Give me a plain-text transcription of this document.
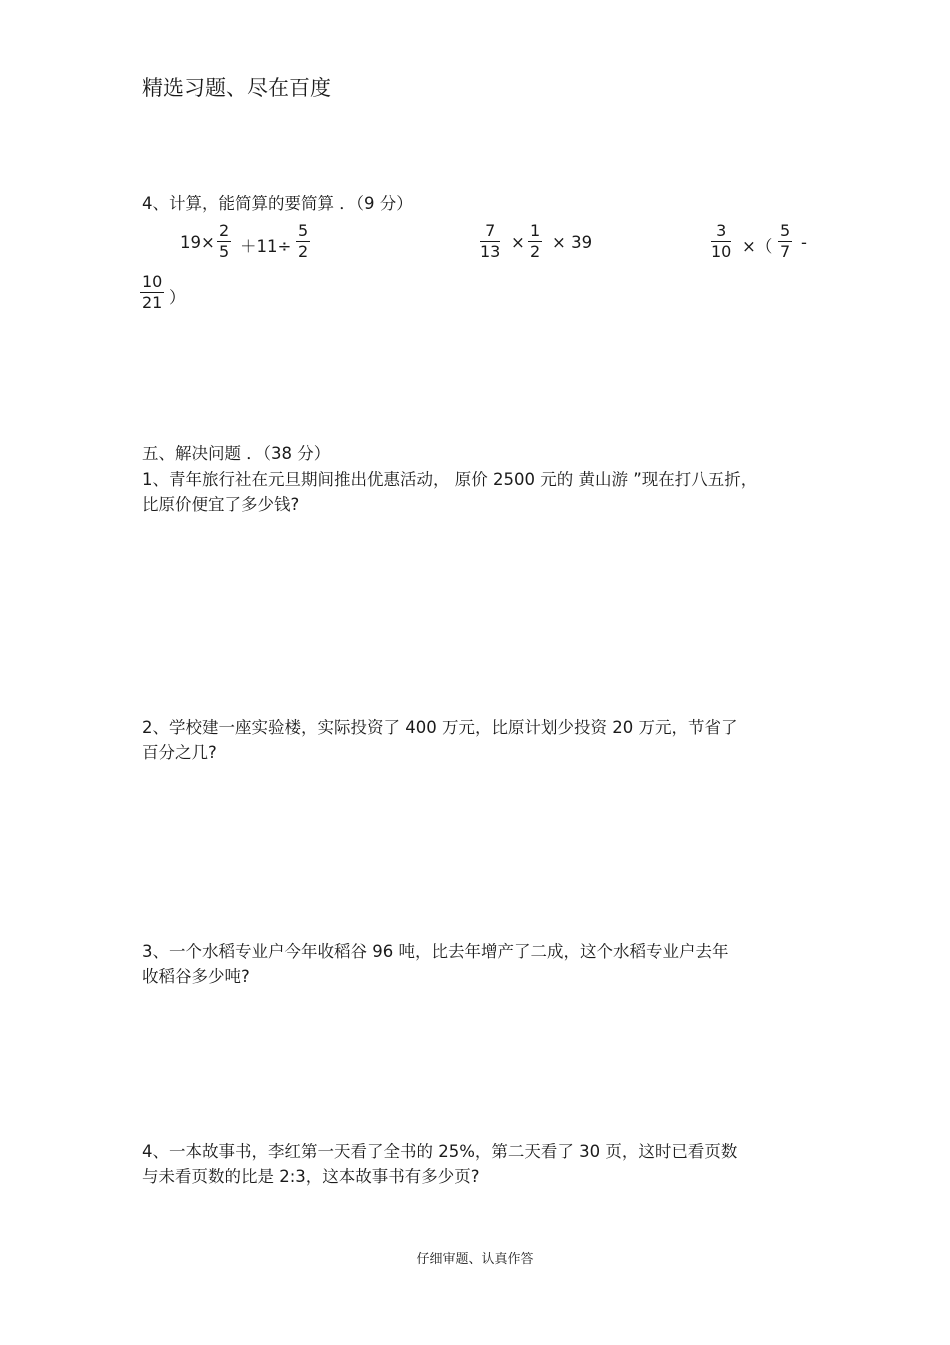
精选习题、尽在百度
4、计算，能简算的要简算 ．（9 分）
$19\times \frac{2}{5} +11\div \frac{5}{2}$	$\frac{7}{13} \times \frac{1}{2} \times 39$	$\frac{3}{10}$ ×（ $\frac{5}{7}$ -
$\frac{10}{21}$ ）
五、解决问题 ．（38 分）
1、青年旅行社在元旦期间推出优惠活动， 原价 2500 元的 黄山游 ”现在打八五折，
比原价便宜了多少钱?
2、学校建一座实验楼，实际投资了 400 万元，比原计划少投资 20 万元，节省了
百分之几?
3、一个水稻专业户今年收稻谷 96 吨，比去年增产了二成，这个水稻专业户去年
收稻谷多少吨?
4、一本故事书，李红第一天看了全书的 25%，第二天看了 30 页，这时已看页数
与未看页数的比是 2:3，这本故事书有多少页?
仔细审题、认真作答
